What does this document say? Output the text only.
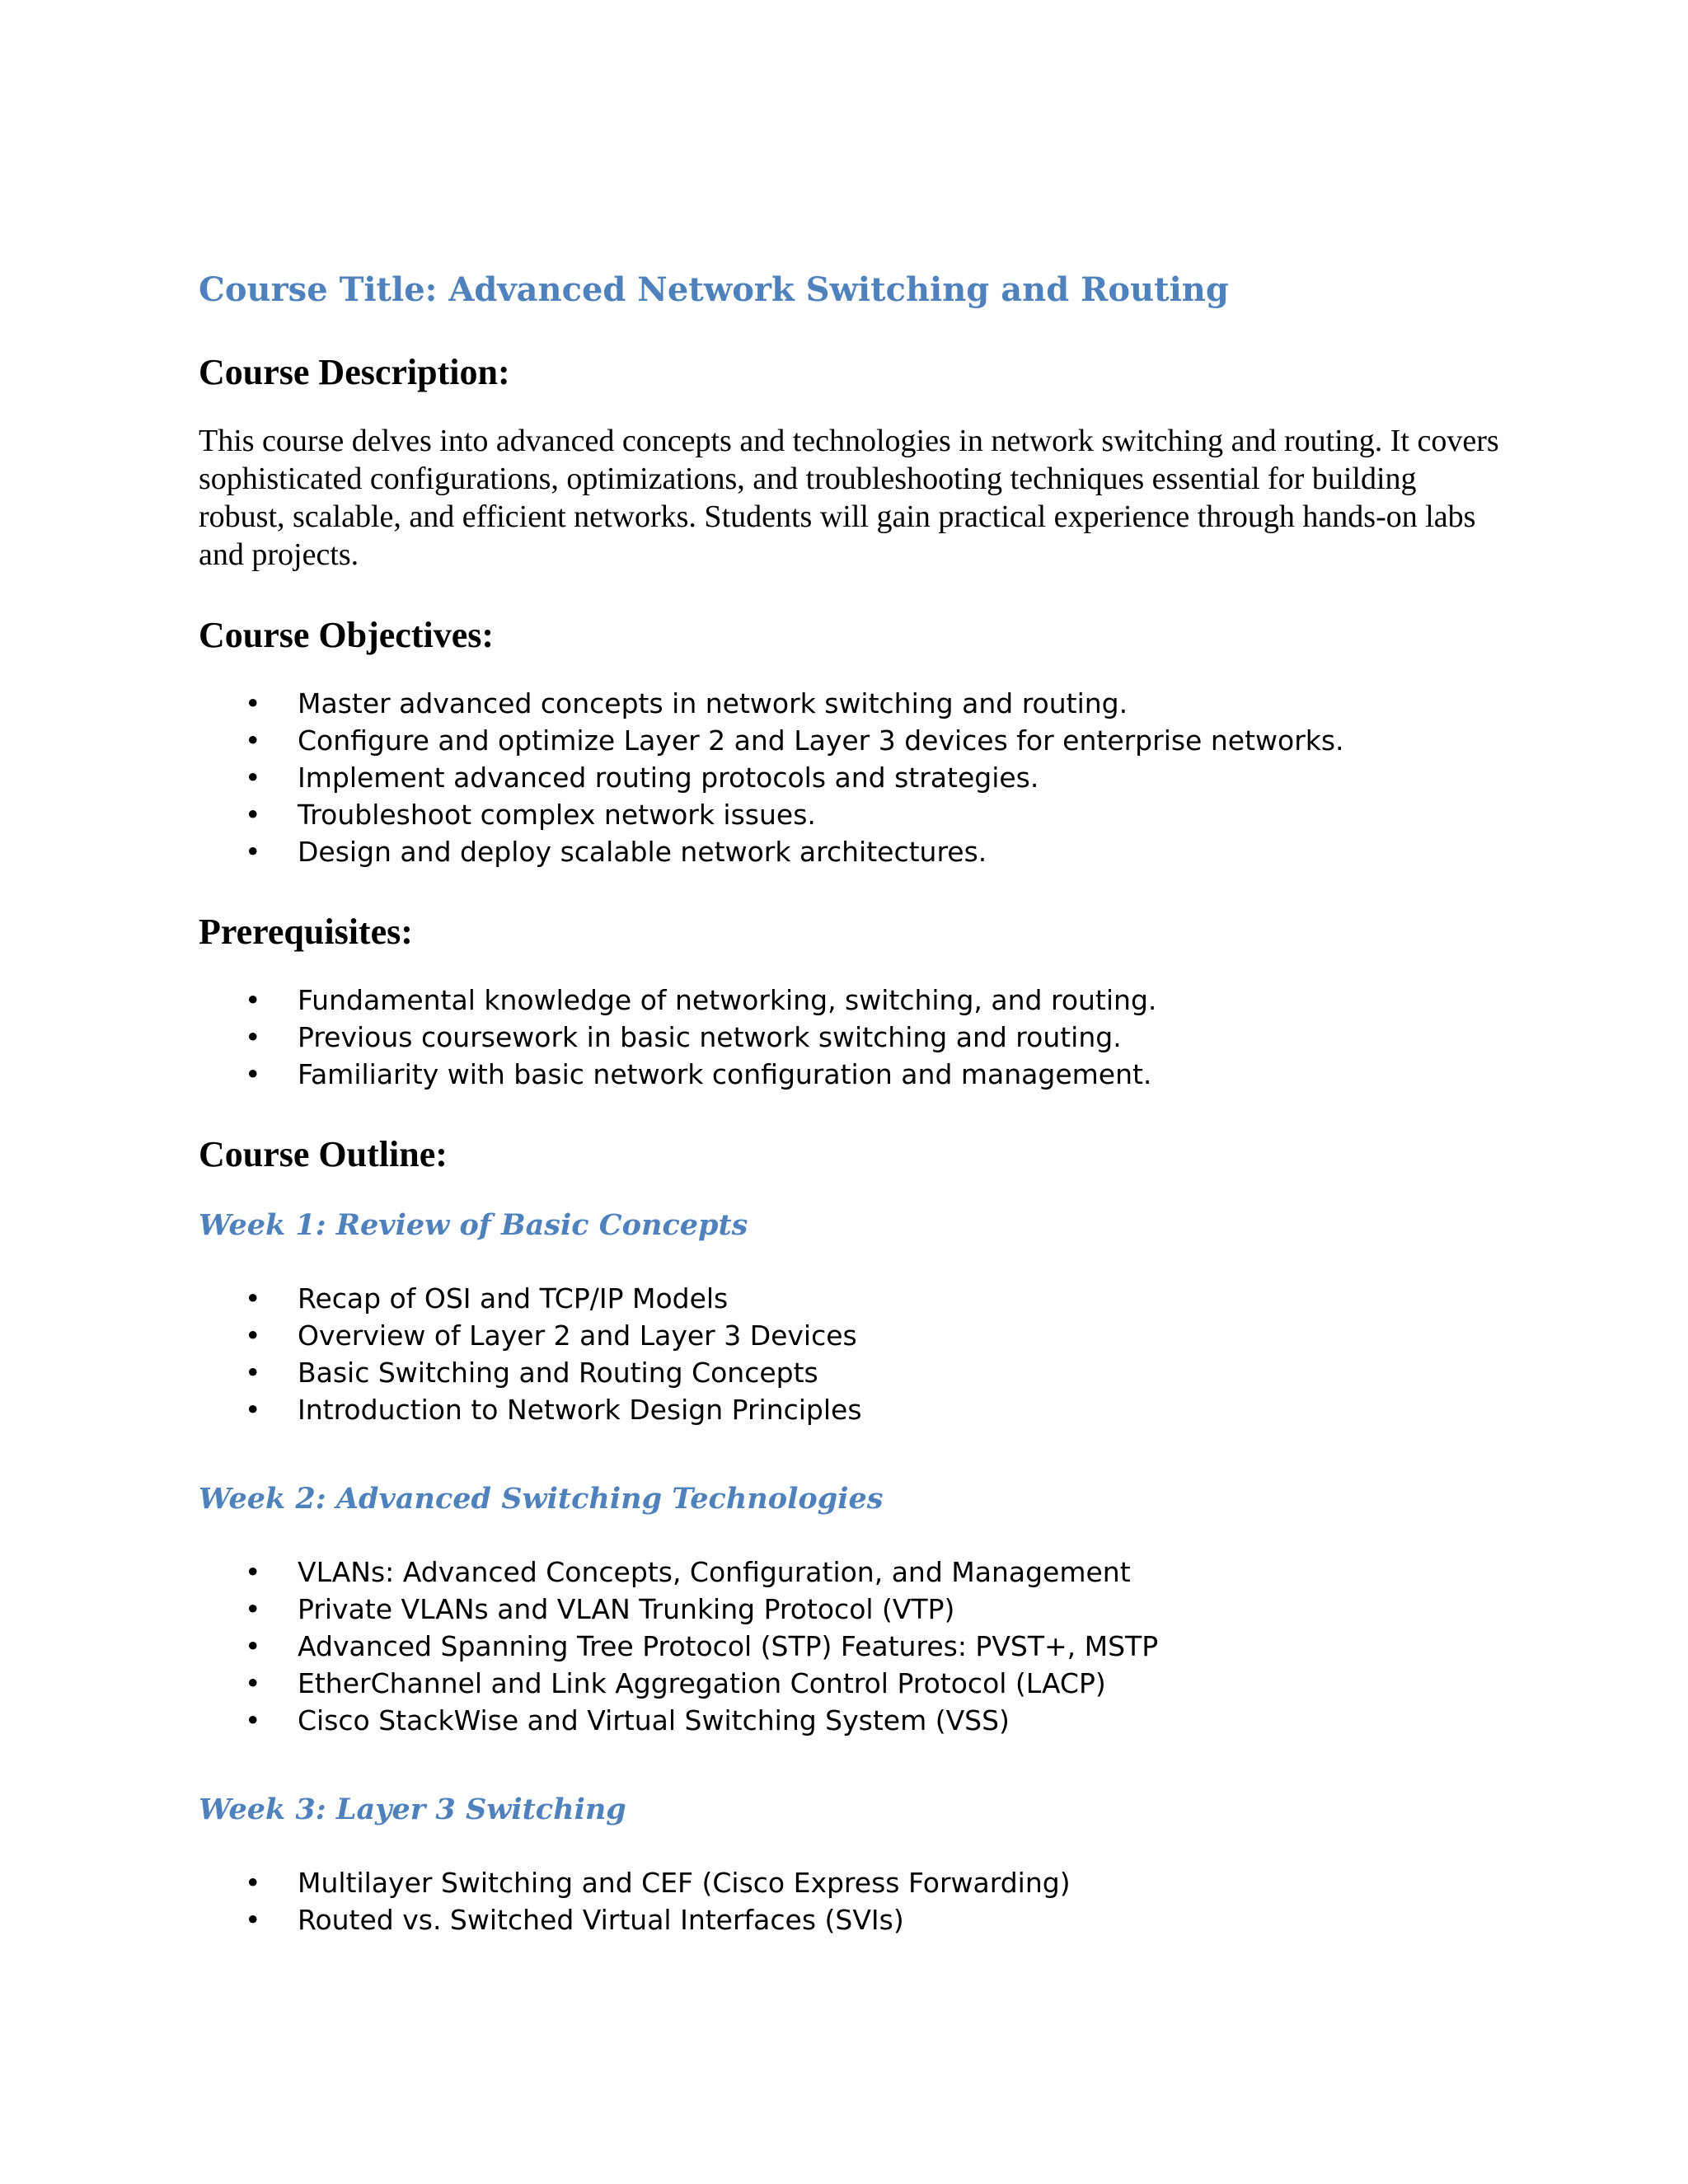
Course Title: Advanced Network Switching and Routing
Course Description:

This course delves into advanced concepts and technologies in network switching and routing. It covers sophisticated configurations, optimizations, and troubleshooting techniques essential for building robust, scalable, and efficient networks. Students will gain practical experience through hands-on labs and projects.

Course Objectives:
• Master advanced concepts in network switching and routing.
• Configure and optimize Layer 2 and Layer 3 devices for enterprise networks.
• Implement advanced routing protocols and strategies.
• Troubleshoot complex network issues.
• Design and deploy scalable network architectures.
Prerequisites:
• Fundamental knowledge of networking, switching, and routing.
• Previous coursework in basic network switching and routing.
• Familiarity with basic network configuration and management.
Course Outline:
Week 1: Review of Basic Concepts
• Recap of OSI and TCP/IP Models
• Overview of Layer 2 and Layer 3 Devices
• Basic Switching and Routing Concepts
• Introduction to Network Design Principles
Week 2: Advanced Switching Technologies
• VLANs: Advanced Concepts, Configuration, and Management
• Private VLANs and VLAN Trunking Protocol (VTP)
• Advanced Spanning Tree Protocol (STP) Features: PVST+, MSTP
• EtherChannel and Link Aggregation Control Protocol (LACP)
• Cisco StackWise and Virtual Switching System (VSS)
Week 3: Layer 3 Switching
• Multilayer Switching and CEF (Cisco Express Forwarding)
• Routed vs. Switched Virtual Interfaces (SVIs)
